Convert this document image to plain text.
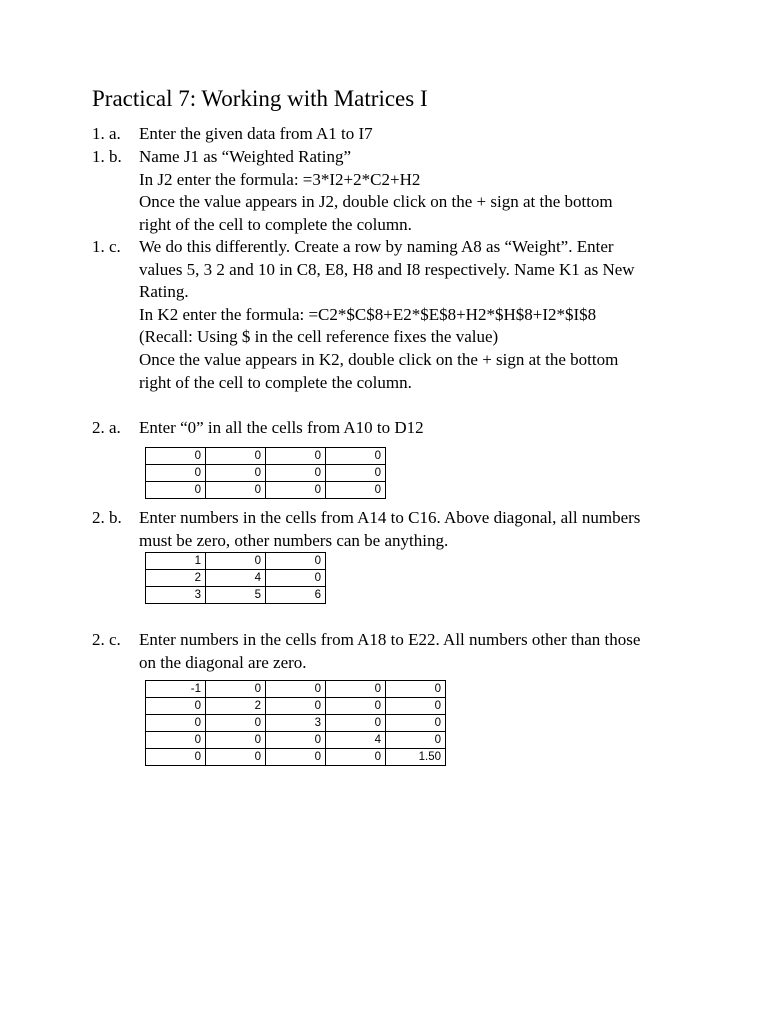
Practical 7: Working with Matrices I
1. a. Enter the given data from A1 to I7
1. b. Name J1 as “Weighted Rating”
In J2 enter the formula: =3*I2+2*C2+H2
Once the value appears in J2, double click on the + sign at the bottom
right of the cell to complete the column.
1. c. We do this differently. Create a row by naming A8 as “Weight”. Enter
values 5, 3 2 and 10 in C8, E8, H8 and I8 respectively. Name K1 as New
Rating.
In K2 enter the formula: =C2*$C$8+E2*$E$8+H2*$H$8+I2*$I$8
(Recall: Using $ in the cell reference fixes the value)
Once the value appears in K2, double click on the + sign at the bottom
right of the cell to complete the column.
2. a. Enter “0” in all the cells from A10 to D12
0	0	0	0
0	0	0	0
0	0	0	0
2. b. Enter numbers in the cells from A14 to C16. Above diagonal, all numbers
must be zero, other numbers can be anything.
1	0	0
2	4	0
3	5	6
2. c. Enter numbers in the cells from A18 to E22. All numbers other than those
on the diagonal are zero.
-1	0	0	0	0
0	2	0	0	0
0	0	3	0	0
0	0	0	4	0
0	0	0	0	1.50
